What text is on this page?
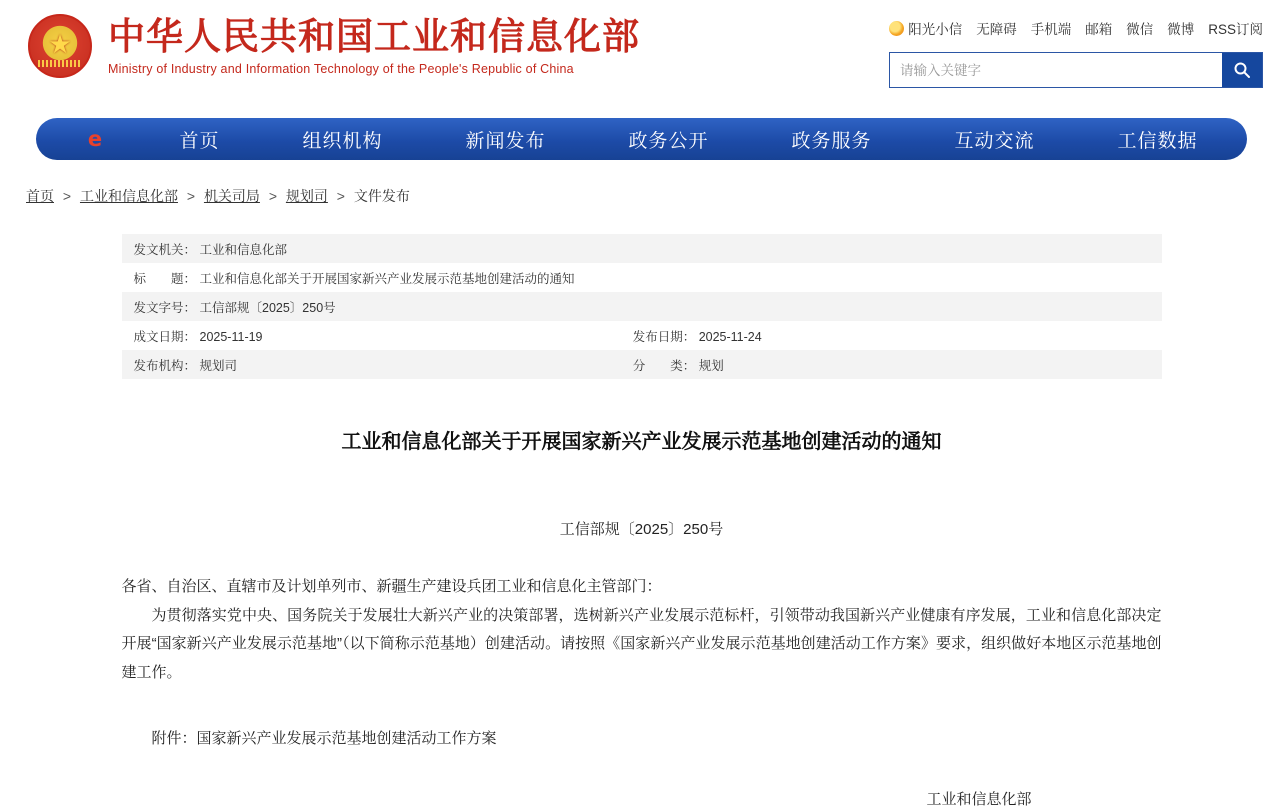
★
中华人民共和国工业和信息化部
Ministry of Industry and Information Technology of the People's Republic of China
阳光小信 无障碍 手机端 邮箱 微信 微博 RSS订阅
请输入关键字
e	首页	组织机构	新闻发布	政务公开	政务服务	互动交流	工信数据
首页 > 工业和信息化部 > 机关司局 > 规划司 > 文件发布
发文机关： 工业和信息化部	
标　　题： 工业和信息化部关于开展国家新兴产业发展示范基地创建活动的通知	
发文字号： 工信部规〔2025〕250号	
成文日期： 2025-11-19	发布日期： 2025-11-24
发布机构： 规划司	分　　类： 规划
工业和信息化部关于开展国家新兴产业发展示范基地创建活动的通知
工信部规〔2025〕250号
各省、自治区、直辖市及计划单列市、新疆生产建设兵团工业和信息化主管部门：

为贯彻落实党中央、国务院关于发展壮大新兴产业的决策部署，选树新兴产业发展示范标杆，引领带动我国新兴产业健康有序发展，工业和信息化部决定开展“国家新兴产业发展示范基地”（以下简称示范基地）创建活动。请按照《国家新兴产业发展示范基地创建活动工作方案》要求，组织做好本地区示范基地创建工作。

附件：国家新兴产业发展示范基地创建活动工作方案
工业和信息化部
